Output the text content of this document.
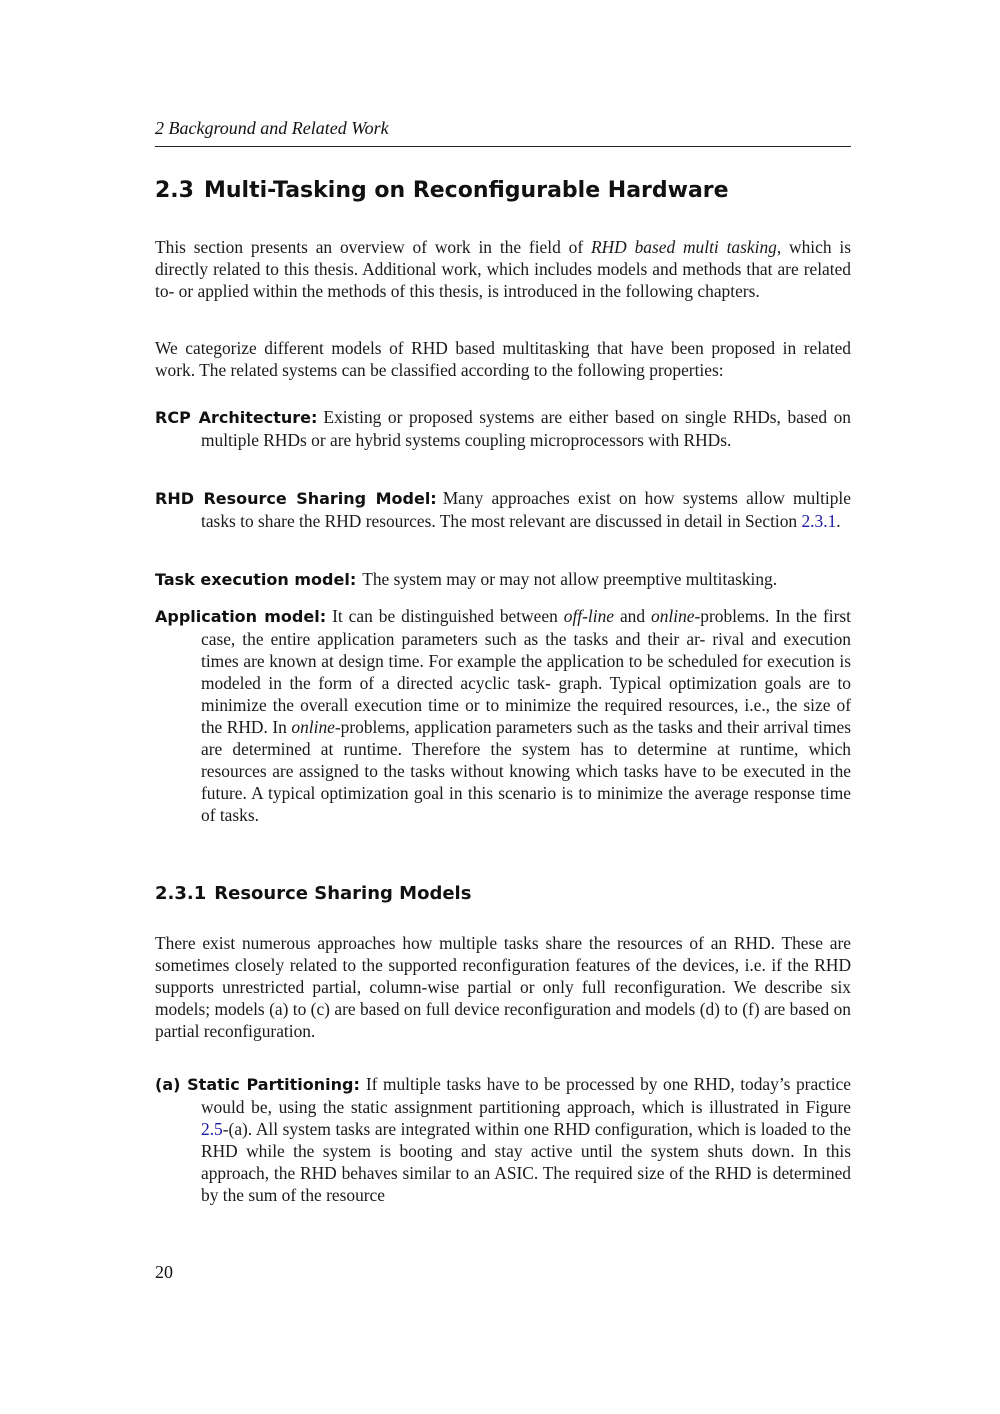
2 Background and Related Work
2.3 Multi-Tasking on Reconfigurable Hardware

This section presents an overview of work in the field of RHD based multi tasking, which is directly related to this thesis. Additional work, which includes models and methods that are related to- or applied within the methods of this thesis, is introduced in the following chapters.

We categorize different models of RHD based multitasking that have been proposed in related work. The related systems can be classified according to the following properties:

RCP Architecture: Existing or proposed systems are either based on single RHDs, based on multiple RHDs or are hybrid systems coupling microprocessors with RHDs.
RHD Resource Sharing Model: Many approaches exist on how systems allow multiple tasks to share the RHD resources. The most relevant are discussed in detail in Section 2.3.1.
Task execution model: The system may or may not allow preemptive multitasking.
Application model: It can be distinguished between off-line and online-problems. In the first case, the entire application parameters such as the tasks and their ar- rival and execution times are known at design time. For example the application to be scheduled for execution is modeled in the form of a directed acyclic task- graph. Typical optimization goals are to minimize the overall execution time or to minimize the required resources, i.e., the size of the RHD. In online-problems, application parameters such as the tasks and their arrival times are determined at runtime. Therefore the system has to determine at runtime, which resources are assigned to the tasks without knowing which tasks have to be executed in the future. A typical optimization goal in this scenario is to minimize the average response time of tasks.
2.3.1 Resource Sharing Models

There exist numerous approaches how multiple tasks share the resources of an RHD. These are sometimes closely related to the supported reconfiguration features of the devices, i.e. if the RHD supports unrestricted partial, column-wise partial or only full reconfiguration. We describe six models; models (a) to (c) are based on full device reconfiguration and models (d) to (f) are based on partial reconfiguration.

(a) Static Partitioning: If multiple tasks have to be processed by one RHD, today’s practice would be, using the static assignment partitioning approach, which is illustrated in Figure 2.5-(a). All system tasks are integrated within one RHD configuration, which is loaded to the RHD while the system is booting and stay active until the system shuts down. In this approach, the RHD behaves similar to an ASIC. The required size of the RHD is determined by the sum of the resource
20
